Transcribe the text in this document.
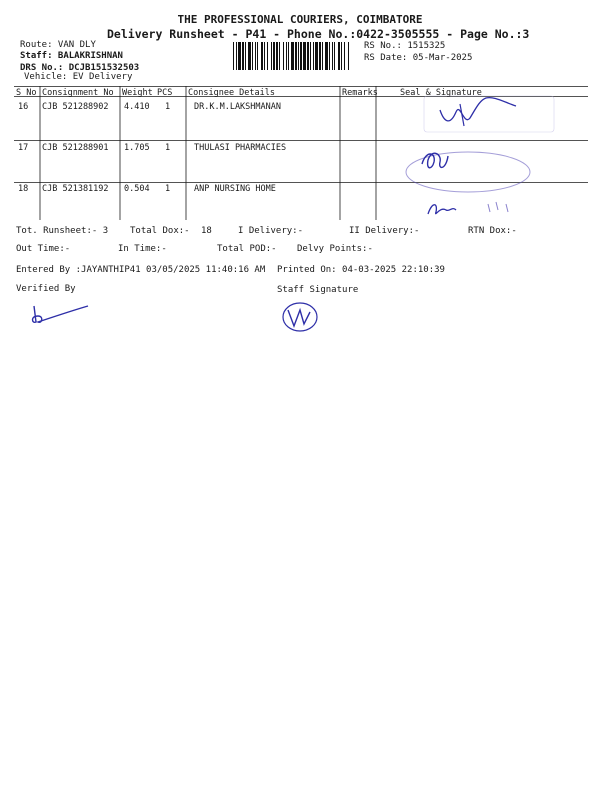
THE PROFESSIONAL COURIERS, COIMBATORE
Delivery Runsheet - P41 - Phone No.:0422-3505555 - Page No.:3
Route: VAN DLY
Staff: BALAKRISHNAN
DRS No.: DCJB151532503
Vehicle: EV Delivery
RS No.: 1515325
RS Date: 05-Mar-2025
S No Consignment No Weight PCS Consignee Details	Remarks	Seal & Signature
16 CJB 521288902 4.410 1	DR.K.M.LAKSHMANAN
17 CJB 521288901 1.705 1	THULASI PHARMACIES
18 CJB 521381192 0.504 1	ANP NURSING HOME
Tot. Runsheet:- 3 Total Dox:- 18	I Delivery:-	II Delivery:-	RTN Dox:-
Out Time:-	In Time:-	Total POD:- Delvy Points:-
Entered By :JAYANTHIP41 03/05/2025 11:40:16 AM Printed On: 04-03-2025 22:10:39
Verified By	Staff Signature
